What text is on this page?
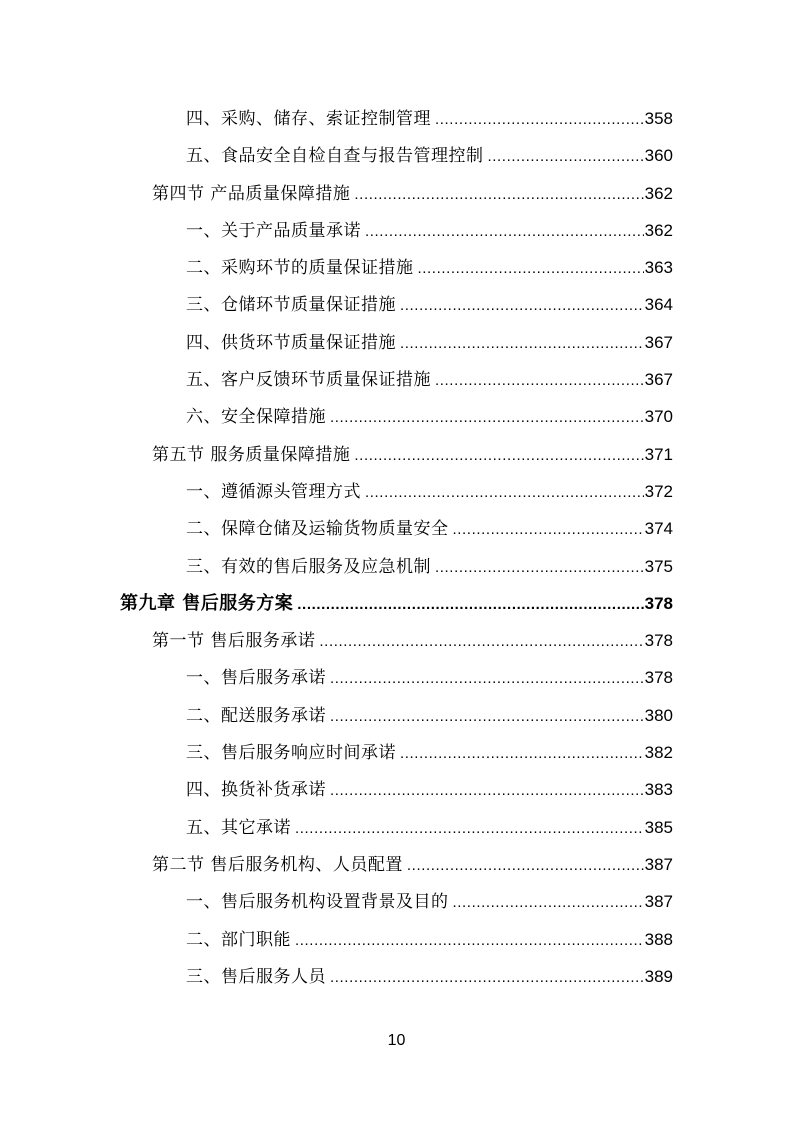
四、采购、储存、索证控制管理 .....	358
五、食品安全自检自查与报告管理控制 .....	360
第四节 产品质量保障措施 .....	362
一、关于产品质量承诺 .....	362
二、采购环节的质量保证措施 .....	363
三、仓储环节质量保证措施 .....	364
四、供货环节质量保证措施 .....	367
五、客户反馈环节质量保证措施 .....	367
六、安全保障措施 .....	370
第五节 服务质量保障措施 .....	371
一、遵循源头管理方式 .....	372
二、保障仓储及运输货物质量安全 .....	374
三、有效的售后服务及应急机制 .....	375
第九章 售后服务方案 .....	378
第一节 售后服务承诺 .....	378
一、售后服务承诺 .....	378
二、配送服务承诺 .....	380
三、售后服务响应时间承诺 .....	382
四、换货补货承诺 .....	383
五、其它承诺 .....	385
第二节 售后服务机构、人员配置 .....	387
一、售后服务机构设置背景及目的 .....	387
二、部门职能 .....	388
三、售后服务人员 .....	389
10
